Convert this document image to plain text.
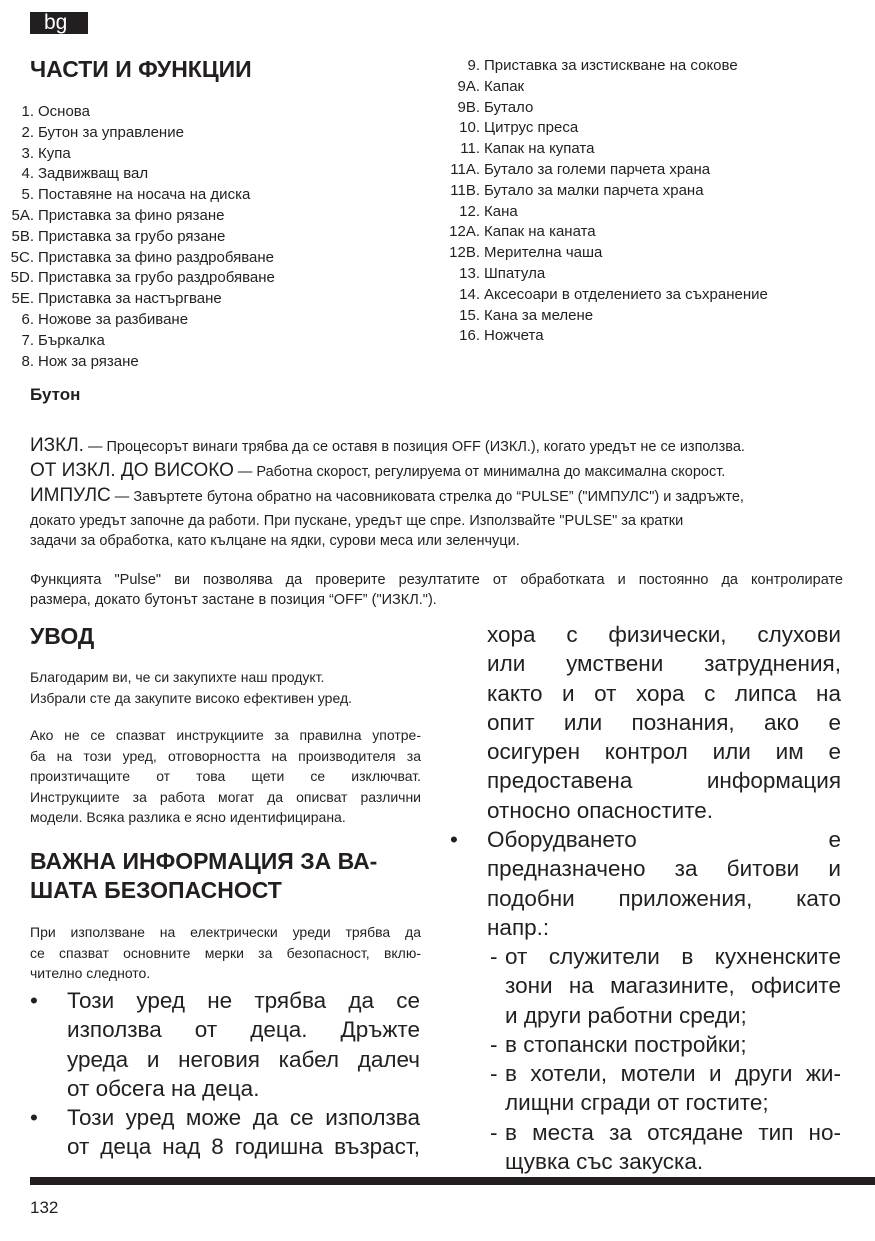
bg
ЧАСТИ И ФУНКЦИИ
1. Основа
2. Бутон за управление
3. Купа
4. Задвижващ вал
5. Поставяне на носача на диска
5A. Приставка за фино рязане
5B. Приставка за грубо рязане
5C. Приставка за фино раздробяване
5D. Приставка за грубо раздробяване
5E. Приставка за настъргване
6. Ножове за разбиване
7. Бъркалка
8. Нож за рязане
9. Приставка за изстискване на сокове
9A. Капак
9B. Бутало
10. Цитрус преса
11. Капак на купата
11A. Бутало за големи парчета храна
11B. Бутало за малки парчета храна
12. Кана
12A. Капак на каната
12B. Мерителна чаша
13. Шпатула
14. Аксесоари в отделението за съхранение
15. Кана за мелене
16. Ножчета
Бутон
ИЗКЛ. — Процесорът винаги трябва да се оставя в позиция OFF (ИЗКЛ.), когато уредът не се използва.
ОТ ИЗКЛ. ДО ВИСОКО — Работна скорост, регулируема от минимална до максимална скорост.
ИМПУЛС — Завъртете бутона обратно на часовниковата стрелка до “PULSE” ("ИМПУЛС") и задръжте,
докато уредът започне да работи. При пускане, уредът ще спре. Използвайте "PULSE" за кратки
задачи за обработка, като кълцане на ядки, сурови меса или зеленчуци.
Функцията "Pulse" ви позволява да проверите резултатите от обработката и постоянно да контролирате
размера, докато бутонът застане в позиция “OFF” ("ИЗКЛ.").
УВОД
Благодарим ви, че си закупихте наш продукт.
Избрали сте да закупите високо ефективен уред.
Ако не се спазват инструкциите за правилна употре-
ба на този уред, отговорността на производителя за
произтичащите от това щети се изключват.
Инструкциите за работа могат да описват различни
модели. Всяка разлика е ясно идентифицирана.
ВАЖНА ИНФОРМАЦИЯ ЗА ВА-
ШАТА БЕЗОПАСНОСТ
При използване на електрически уреди трябва да
се спазват основните мерки за безопасност, вклю-
чително следното.
Този уред не трябва да се
използва от деца. Дръжте
уреда и неговия кабел далеч
от обсега на деца.
Този уред може да се използва
от деца над 8 годишна възраст,
хора с физически, слухови
или умствени затруднения,
както и от хора с липса на
опит или познания, ако е
осигурен контрол или им е
предоставена информация
относно опасностите.
Оборудването е
предназначено за битови и
подобни приложения, като
напр.:
- от служители в кухненските
зони на магазините, офисите
и други работни среди;
- в стопански постройки;
- в хотели, мотели и други жи-
лищни сгради от гостите;
- в места за отсядане тип но-
щувка със закуска.
•
•
•
132
